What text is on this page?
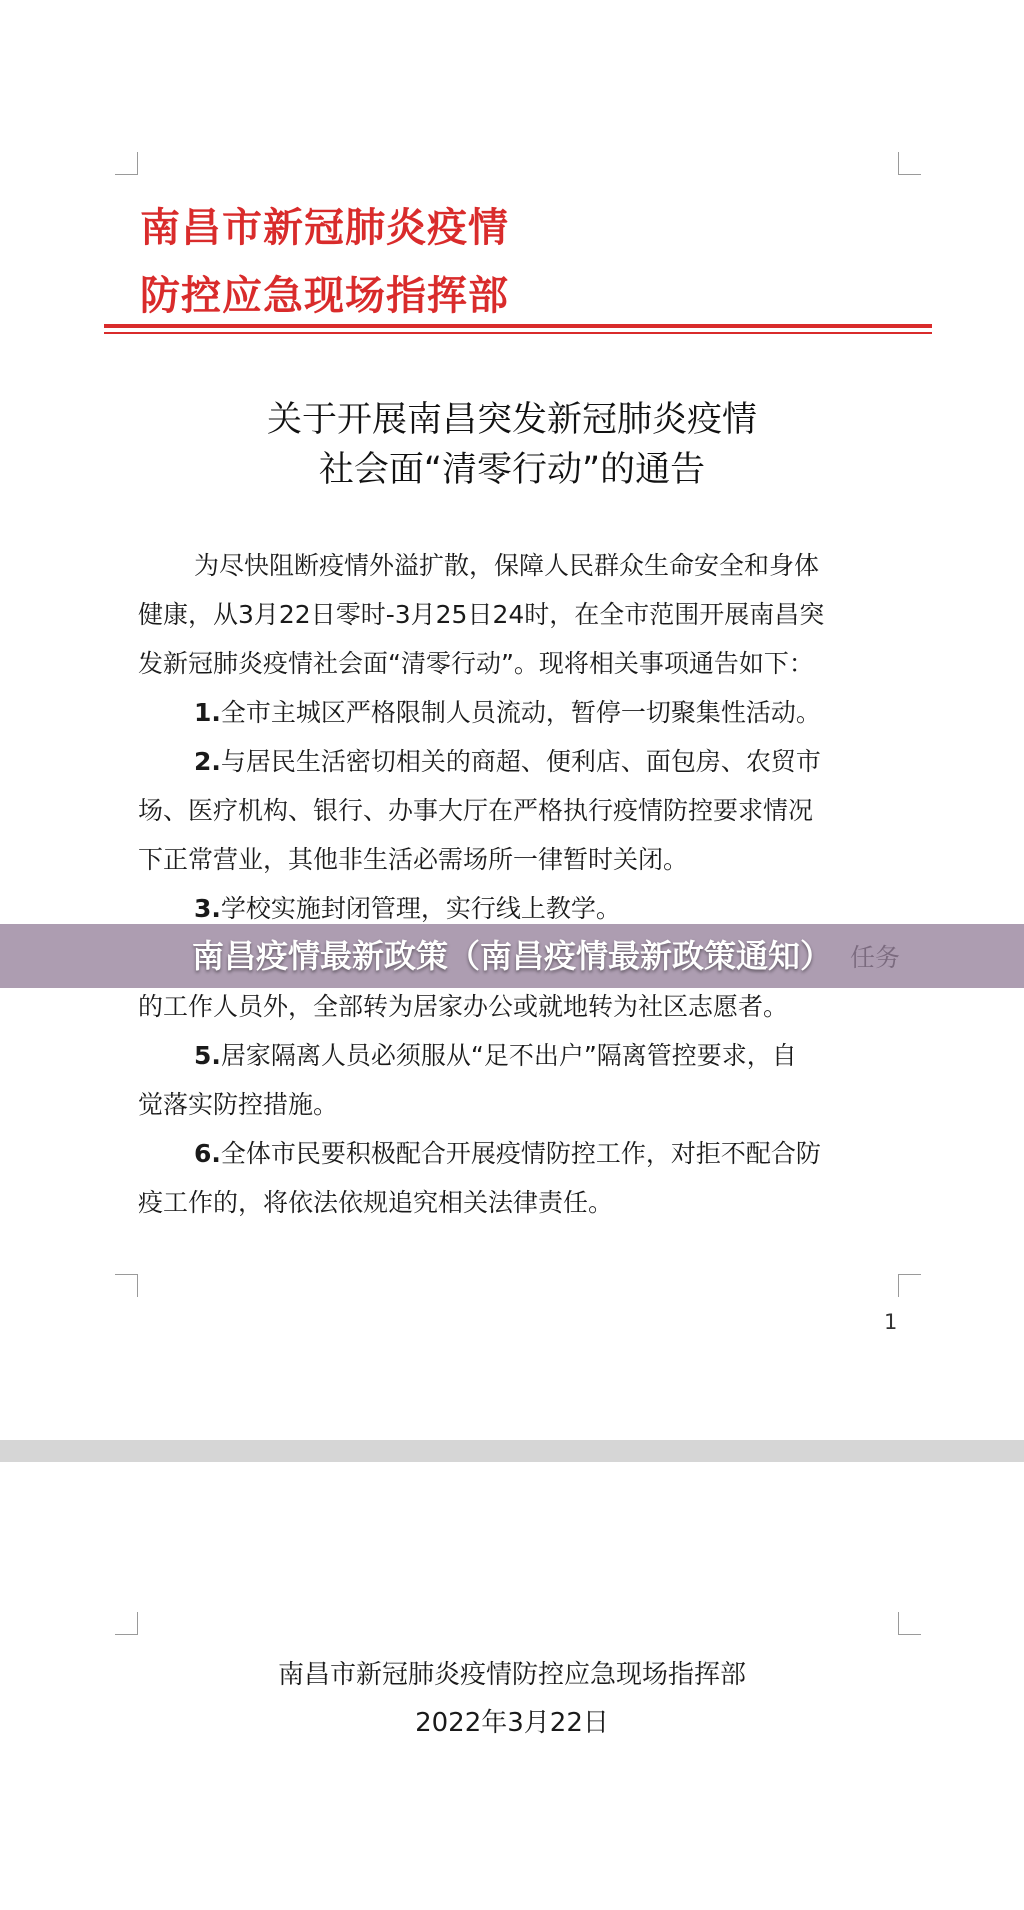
南昌市新冠肺炎疫情
防控应急现场指挥部
关于开展南昌突发新冠肺炎疫情
社会面“清零行动”的通告
为尽快阻断疫情外溢扩散，保障人民群众生命安全和身体
健康，从3月22日零时-3月25日24时，在全市范围开展南昌突
发新冠肺炎疫情社会面“清零行动”。现将相关事项通告如下：
1.全市主城区严格限制人员流动，暂停一切聚集性活动。
2.与居民生活密切相关的商超、便利店、面包房、农贸市
场、医疗机构、银行、办事大厅在严格执行疫情防控要求情况
下正常营业，其他非生活必需场所一律暂时关闭。
3.学校实施封闭管理，实行线上教学。
的工作人员外，全部转为居家办公或就地转为社区志愿者。
5.居家隔离人员必须服从“足不出户”隔离管控要求，自
觉落实防控措施。
6.全体市民要积极配合开展疫情防控工作，对拒不配合防
疫工作的，将依法依规追究相关法律责任。
1
南昌市新冠肺炎疫情防控应急现场指挥部
2022年3月22日
南昌疫情最新政策（南昌疫情最新政策通知）
